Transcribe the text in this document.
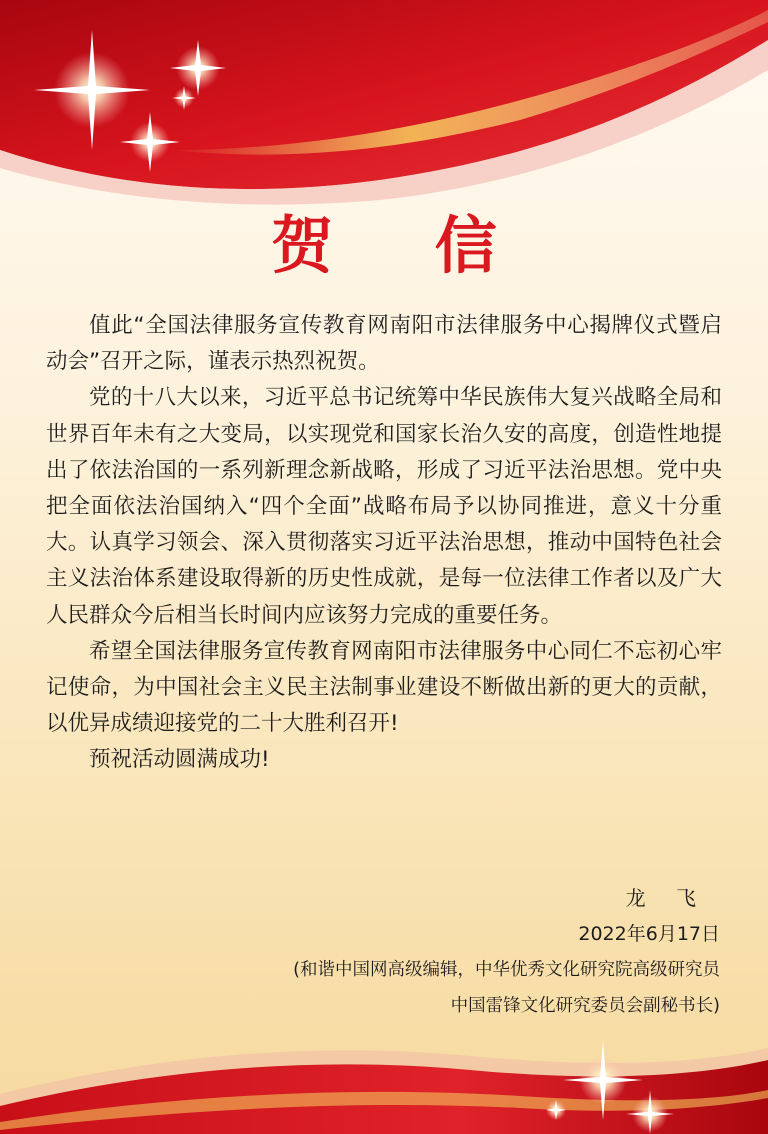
贺 信

值此“全国法律服务宣传教育网南阳市法律服务中心揭牌仪式暨启动会”召开之际，谨表示热烈祝贺。

党的十八大以来，习近平总书记统筹中华民族伟大复兴战略全局和世界百年未有之大变局，以实现党和国家长治久安的高度，创造性地提出了依法治国的一系列新理念新战略，形成了习近平法治思想。党中央把全面依法治国纳入“四个全面”战略布局予以协同推进，意义十分重大。认真学习领会、深入贯彻落实习近平法治思想，推动中国特色社会主义法治体系建设取得新的历史性成就，是每一位法律工作者以及广大人民群众今后相当长时间内应该努力完成的重要任务。

希望全国法律服务宣传教育网南阳市法律服务中心同仁不忘初心牢记使命，为中国社会主义民主法制事业建设不断做出新的更大的贡献，以优异成绩迎接党的二十大胜利召开!

预祝活动圆满成功!

龙 飞
2022年6月17日
(和谐中国网高级编辑，中华优秀文化研究院高级研究员
中国雷锋文化研究委员会副秘书长)
